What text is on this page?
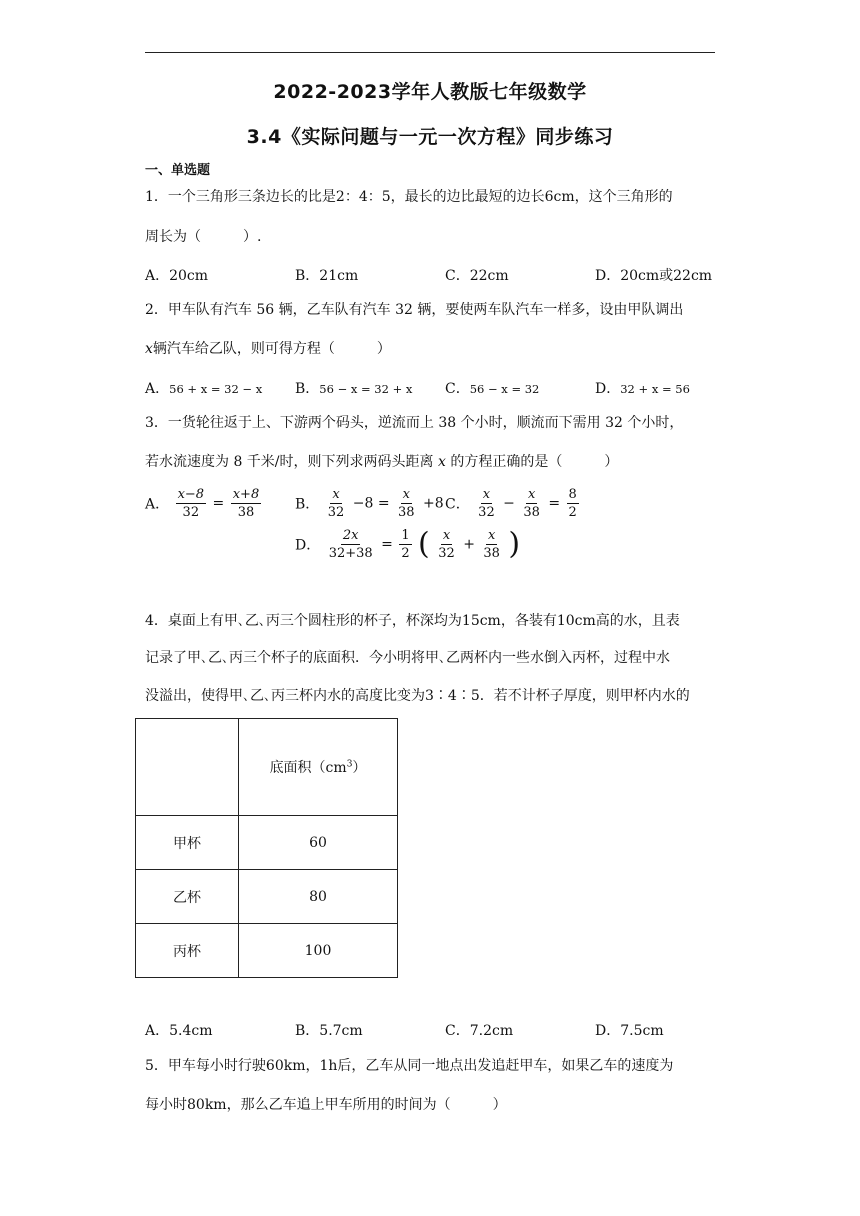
2022-2023学年人教版七年级数学
3.4《实际问题与一元一次方程》同步练习
一、单选题
1．一个三角形三条边长的比是2：4：5，最长的边比最短的边长6cm，这个三角形的
周长为（　　　）.
A．20cm	B．21cm	C．22cm	D．20cm或22cm
2．甲车队有汽车 56 辆，乙车队有汽车 32 辆，要使两车队汽车一样多，设由甲队调出
x辆汽车给乙队，则可得方程（　　　）
A．56 + x = 32 − x B．56 − x = 32 + x C．56 − x = 32	D．32 + x = 56
3．一货轮往返于上、下游两个码头，逆流而上 38 个小时，顺流而下需用 32 个小时，
若水流速度为 8 千米/时，则下列求两码头距离 x 的方程正确的是（　　　）
A． $\frac{x-8}{32} = \frac{x+8}{38}$ B． $\frac{x}{32} -8 = \frac{x}{38} +8$ C． $\frac{x}{32} - \frac{x}{38} = \frac{8}{2}$
D． $\frac{2x}{32+38} = \frac{1}{2}$ ( $\frac{x}{32} + \frac{x}{38}$ )
4．桌面上有甲､乙､丙三个圆柱形的杯子，杯深均为15cm，各装有10cm高的水，且表
记录了甲､乙､丙三个杯子的底面积．今小明将甲､乙两杯内一些水倒入丙杯，过程中水
没溢出，使得甲､乙､丙三杯内水的高度比变为3∶4∶5．若不计杯子厚度，则甲杯内水的
	底面积$(cm^3)$
甲杯	60
乙杯	80
丙杯	100
A．5.4cm	B．5.7cm	C．7.2cm	D．7.5cm
5．甲车每小时行驶60km，1h后，乙车从同一地点出发追赶甲车，如果乙车的速度为
每小时80km，那么乙车追上甲车所用的时间为（　　　）
